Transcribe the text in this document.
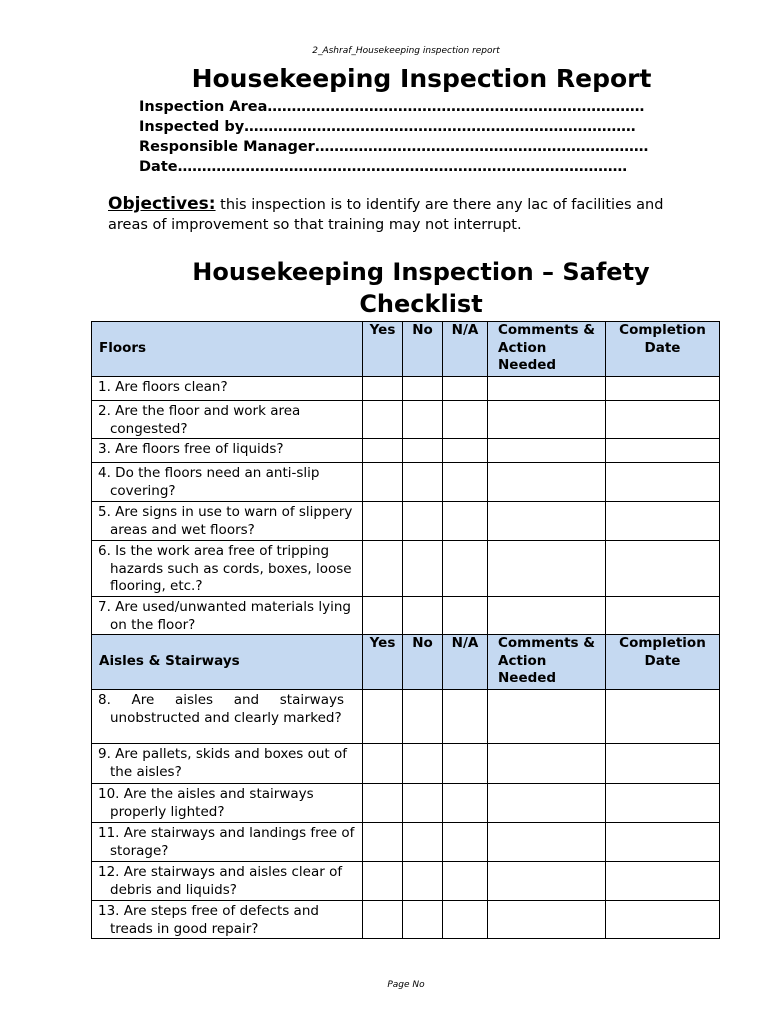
2_Ashraf_Housekeeping inspection report
Housekeeping Inspection Report
Inspection Area……………………………………………………………………
Inspected by………………………………………………………………………
Responsible Manager……………………………………………………………
Date…………………………………………………………………………………
Objectives: this inspection is to identify are there any lac of facilities and areas of improvement so that training may not interrupt.
Housekeeping Inspection – Safety Checklist
Floors	Yes	No	N/A	Comments & Action Needed	Completion Date

1. Are floors clean?					

2. Are the floor and work area congested?					

3. Are floors free of liquids?					

4. Do the floors need an anti-slip covering?					

5. Are signs in use to warn of slippery areas and wet floors?					

6. Is the work area free of tripping hazards such as cords, boxes, loose flooring, etc.?					

7. Are used/unwanted materials lying on the floor?					

Aisles & Stairways	Yes	No	N/A	Comments & Action Needed	Completion Date

8. Are aisles and stairways unobstructed and clearly marked?					

9. Are pallets, skids and boxes out of the aisles?					

10. Are the aisles and stairways properly lighted?					

11. Are stairways and landings free of storage?					

12. Are stairways and aisles clear of debris and liquids?					

13. Are steps free of defects and treads in good repair?					

Page No
